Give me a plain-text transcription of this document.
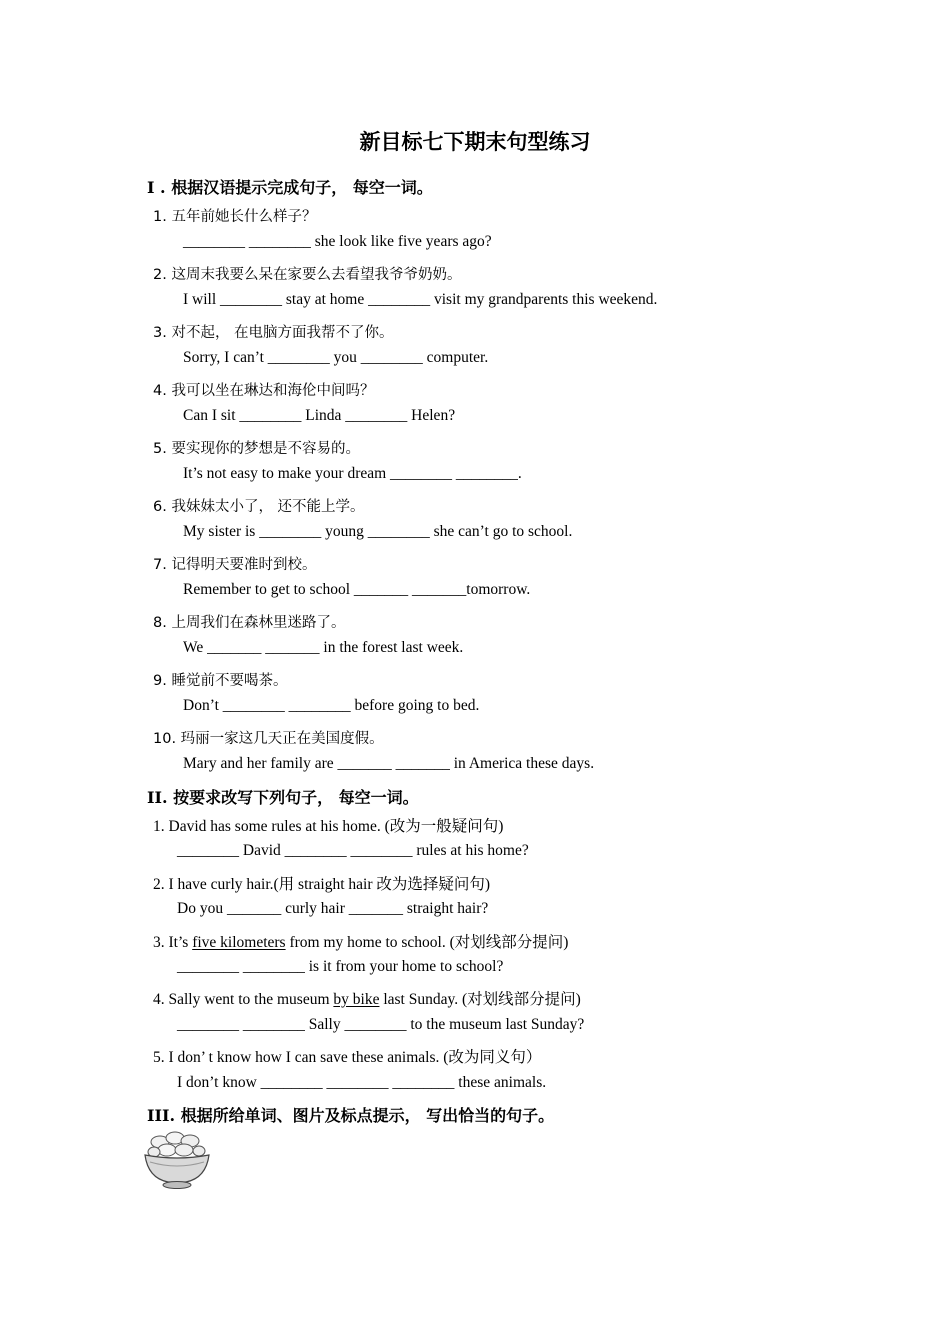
新目标七下期末句型练习
I . 根据汉语提示完成句子， 每空一词。
1. 五年前她长什么样子？
________ ________ she look like five years ago?
2. 这周末我要么呆在家要么去看望我爷爷奶奶。
I will ________ stay at home ________ visit my grandparents this weekend.
3. 对不起， 在电脑方面我帮不了你。
Sorry, I can’t ________ you ________ computer.
4. 我可以坐在琳达和海伦中间吗？
Can I sit ________ Linda ________ Helen?
5. 要实现你的梦想是不容易的。
It’s not easy to make your dream ________ ________.
6. 我妹妹太小了， 还不能上学。
My sister is ________ young ________ she can’t go to school.
7. 记得明天要准时到校。
Remember to get to school _______ _______tomorrow.
8. 上周我们在森林里迷路了。
We _______ _______ in the forest last week.
9. 睡觉前不要喝茶。
Don’t ________ ________ before going to bed.
10. 玛丽一家这几天正在美国度假。
Mary and her family are _______ _______ in America these days.
II. 按要求改写下列句子， 每空一词。
1. David has some rules at his home. (改为一般疑问句)
________ David ________ ________ rules at his home?
2. I have curly hair.(用 straight hair 改为选择疑问句)
Do you _______ curly hair _______ straight hair?
3. It’s five kilometers from my home to school. (对划线部分提问)
________ ________ is it from your home to school?
4. Sally went to the museum by bike last Sunday. (对划线部分提问)
________ ________ Sally ________ to the museum last Sunday?
5. I don’ t know how I can save these animals. (改为同义句）
I don’t know ________ ________ ________ these animals.
III. 根据所给单词、图片及标点提示， 写出恰当的句子。
